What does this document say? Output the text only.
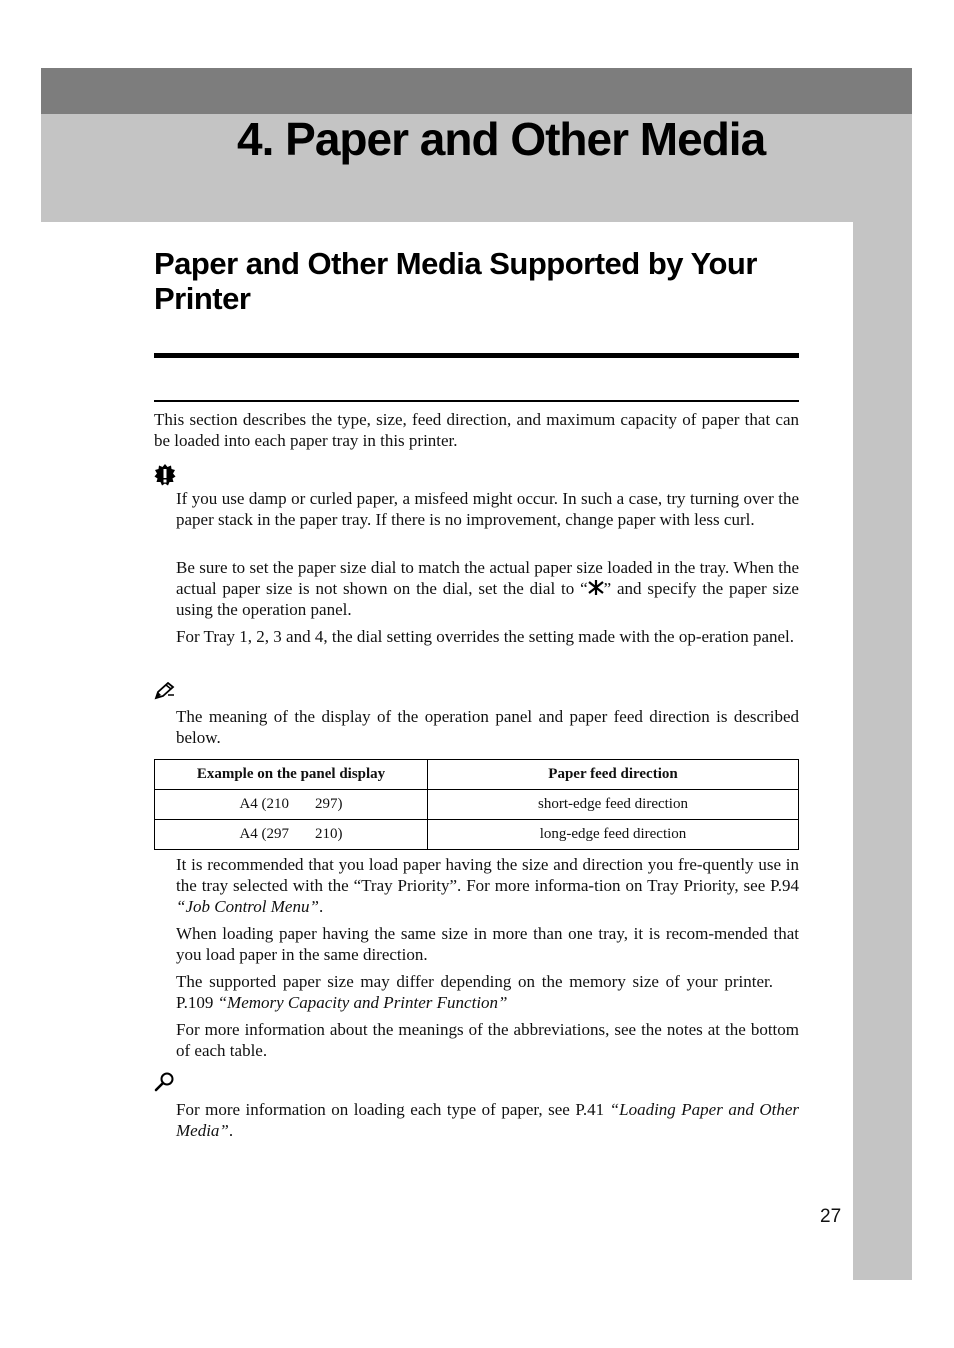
4. Paper and Other Media
Paper and Other Media Supported by Your Printer

This section describes the type, size, feed direction, and maximum capacity of paper that can be loaded into each paper tray in this printer.

If you use damp or curled paper, a misfeed might occur. In such a case, try turning over the paper stack in the paper tray. If there is no improvement, change paper with less curl.

Be sure to set the paper size dial to match the actual paper size loaded in the tray. When the actual paper size is not shown on the dial, set the dial to “ ” and specify the paper size using the operation panel.

For Tray 1, 2, 3 and 4, the dial setting overrides the setting made with the op-eration panel.

The meaning of the display of the operation panel and paper feed direction is described below.

Example on the panel display	Paper feed direction
A4 (210 297)	short-edge feed direction
A4 (297 210)	long-edge feed direction

It is recommended that you load paper having the size and direction you fre-quently use in the tray selected with the “Tray Priority”. For more informa-tion on Tray Priority, see P.94 “Job Control Menu”.

When loading paper having the same size in more than one tray, it is recom-mended that you load paper in the same direction.

The supported paper size may differ depending on the memory size of your printer.P.109 “Memory Capacity and Printer Function”

For more information about the meanings of the abbreviations, see the notes at the bottom of each table.

For more information on loading each type of paper, see P.41 “Loading Paper and Other Media”.

27
